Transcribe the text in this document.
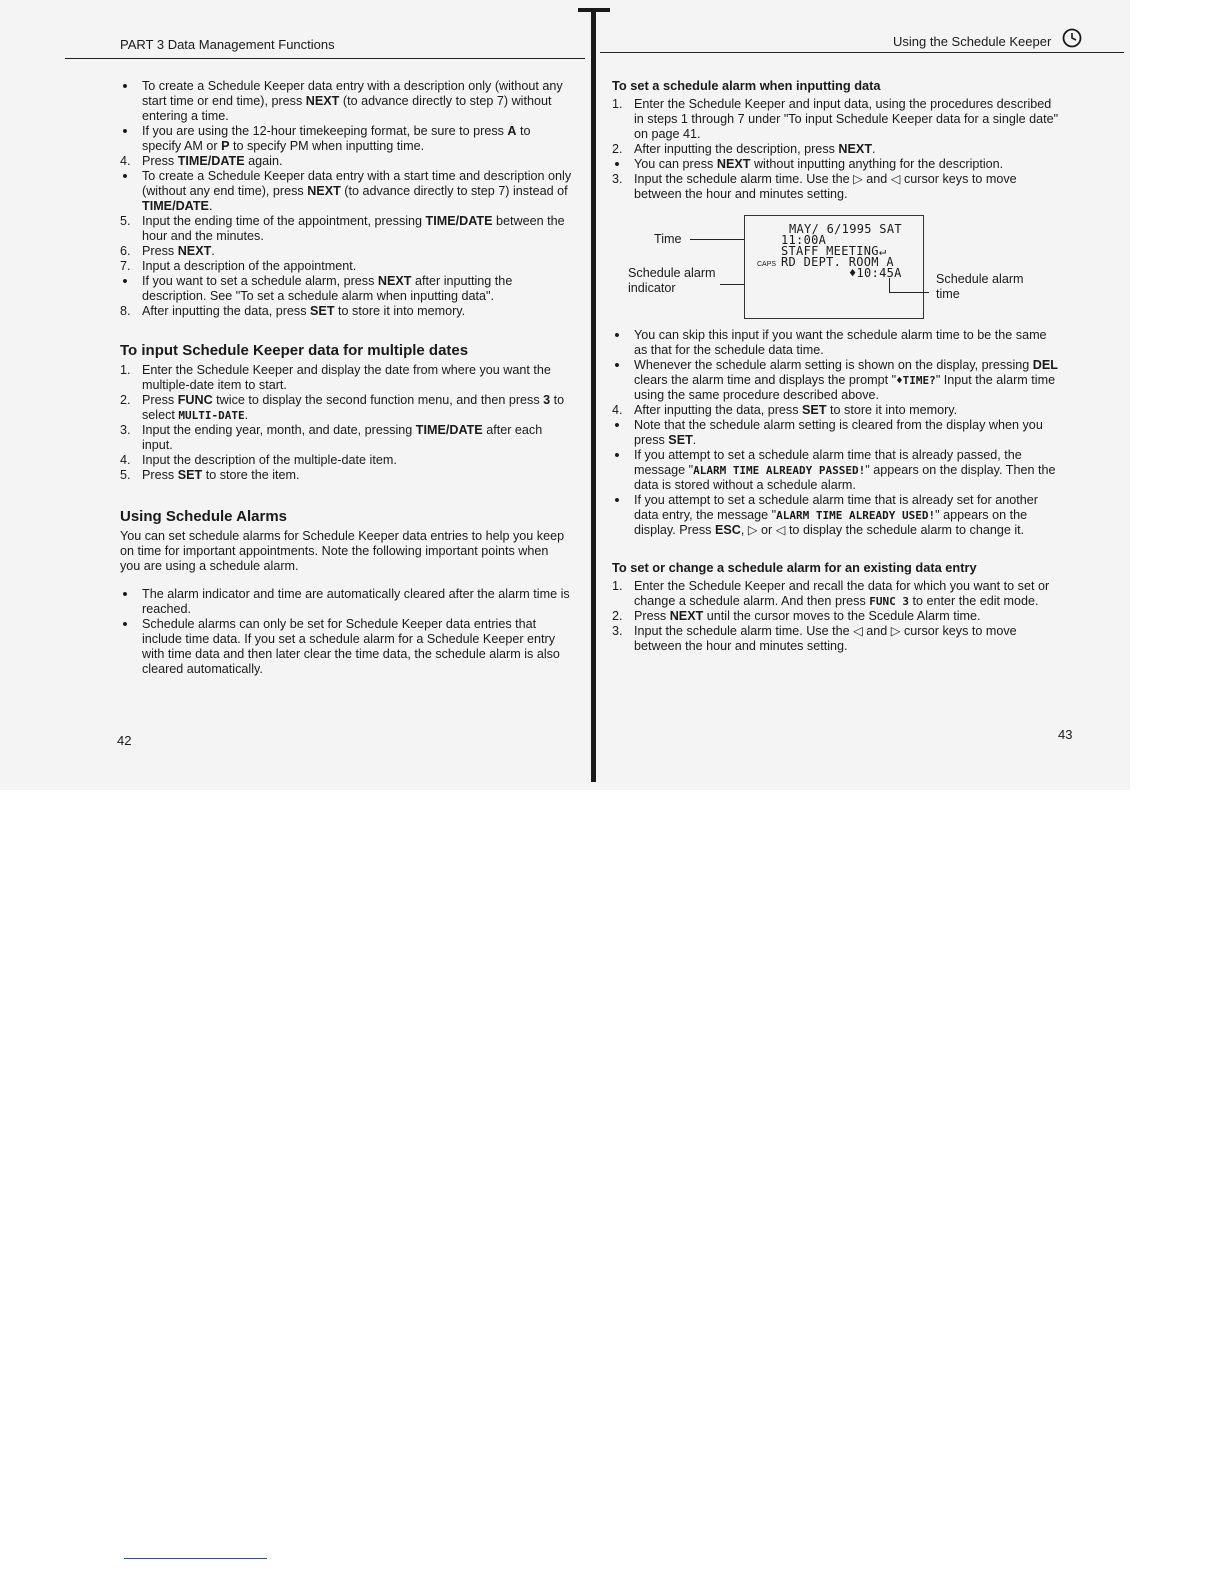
PART 3 Data Management Functions	Using the Schedule Keeper
• To create a Schedule Keeper data entry with a description only (without any start time or end time), press NEXT (to advance directly to step 7) without entering a time.
• If you are using the 12-hour timekeeping format, be sure to press A to specify AM or P to specify PM when inputting time.
4. Press TIME/DATE again.
• To create a Schedule Keeper data entry with a start time and description only (without any end time), press NEXT (to advance directly to step 7) instead of TIME/DATE.
5. Input the ending time of the appointment, pressing TIME/DATE between the hour and the minutes.
6. Press NEXT.
7. Input a description of the appointment.
• If you want to set a schedule alarm, press NEXT after inputting the description. See "To set a schedule alarm when inputting data".
8. After inputting the data, press SET to store it into memory.
To input Schedule Keeper data for multiple dates
1. Enter the Schedule Keeper and display the date from where you want the multiple-date item to start.
2. Press FUNC twice to display the second function menu, and then press 3 to select MULTI-DATE.
3. Input the ending year, month, and date, pressing TIME/DATE after each input.
4. Input the description of the multiple-date item.
5. Press SET to store the item.
Using Schedule Alarms

You can set schedule alarms for Schedule Keeper data entries to help you keep on time for important appointments. Note the following important points when you are using a schedule alarm.

• The alarm indicator and time are automatically cleared after the alarm time is reached.
• Schedule alarms can only be set for Schedule Keeper data entries that include time data. If you set a schedule alarm for a Schedule Keeper entry with time data and then later clear the time data, the schedule alarm is also cleared automatically.
42
To set a schedule alarm when inputting data
1. Enter the Schedule Keeper and input data, using the procedures described in steps 1 through 7 under "To input Schedule Keeper data for a single date" on page 41.
2. After inputting the description, press NEXT.
• You can press NEXT without inputting anything for the description.
3. Input the schedule alarm time. Use the ▷ and ◁ cursor keys to move between the hour and minutes setting.
Time
Schedule alarm indicator
MAY/ 6/1995 SAT
11:00A
STAFF MEETING↵
CAPS RD DEPT. ROOM A
♦10:45A	Schedule alarm time
• You can skip this input if you want the schedule alarm time to be the same as that for the schedule data time.
• Whenever the schedule alarm setting is shown on the display, pressing DEL clears the alarm time and displays the prompt "♦TIME?" Input the alarm time using the same procedure described above.
4. After inputting the data, press SET to store it into memory.
• Note that the schedule alarm setting is cleared from the display when you press SET.
• If you attempt to set a schedule alarm time that is already passed, the message "ALARM TIME ALREADY PASSED!" appears on the display. Then the data is stored without a schedule alarm.
• If you attempt to set a schedule alarm time that is already set for another data entry, the message "ALARM TIME ALREADY USED!" appears on the display. Press ESC, ▷ or ◁ to display the schedule alarm to change it.
To set or change a schedule alarm for an existing data entry
1. Enter the Schedule Keeper and recall the data for which you want to set or change a schedule alarm. And then press FUNC 3 to enter the edit mode.
2. Press NEXT until the cursor moves to the Scedule Alarm time.
3. Input the schedule alarm time. Use the ◁ and ▷ cursor keys to move between the hour and minutes setting.
43
